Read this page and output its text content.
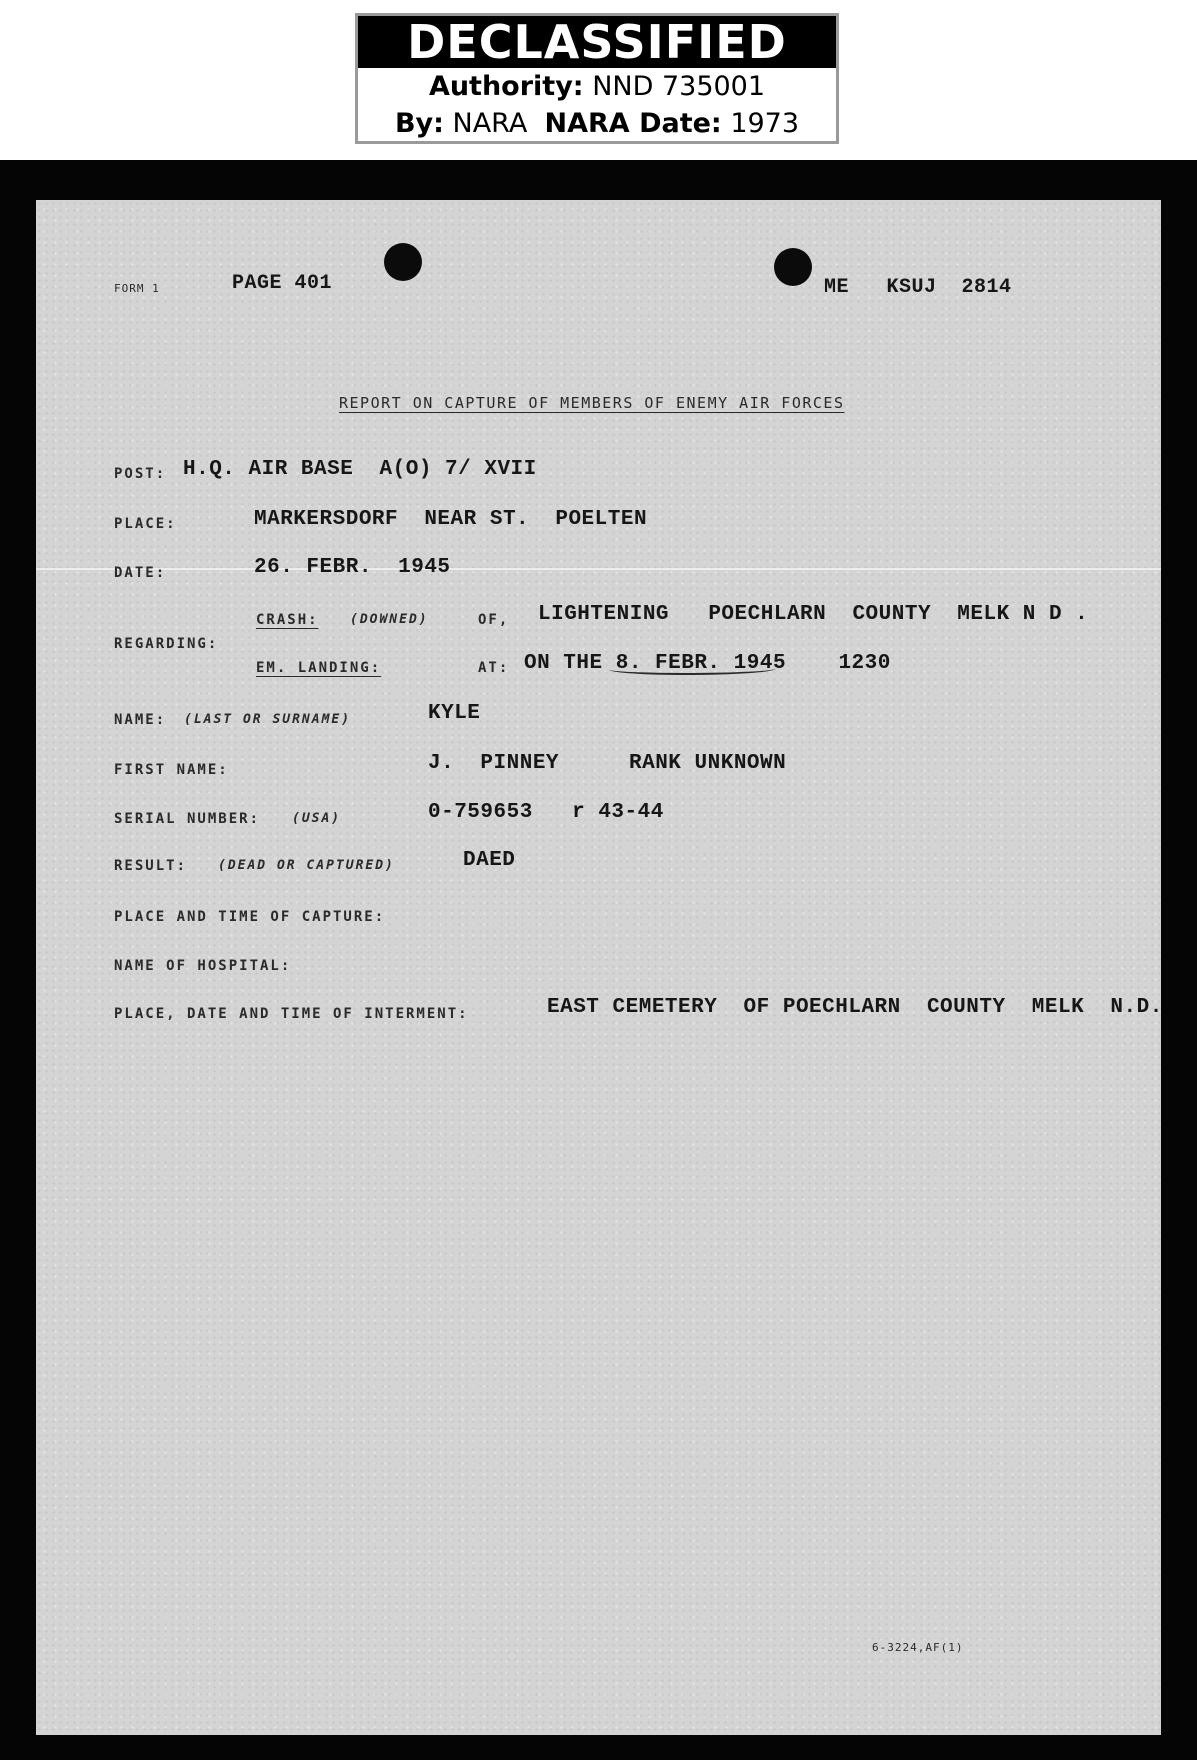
DECLASSIFIED
Authority: NND 735001
By: NARA NARA Date: 1973
FORM 1	PAGE 401	ME   KSUJ  2814
REPORT ON CAPTURE OF MEMBERS OF ENEMY AIR FORCES
POST: H.Q. AIR BASE  A(O) 7/ XVII
PLACE:	MARKERSDORF  NEAR ST.  POELTEN
DATE:	26. FEBR.  1945
REGARDING:
CRASH: (DOWNED)	OF, LIGHTENING   POECHLARN  COUNTY  MELK N D .
EM. LANDING:	AT: ON THE 8. FEBR. 1945    1230
NAME: (LAST OR SURNAME)	KYLE
FIRST NAME:	J.  PINNEY	RANK UNKNOWN
SERIAL NUMBER: (USA)	0-759653   r 43-44
RESULT: (DEAD OR CAPTURED)	DAED
PLACE AND TIME OF CAPTURE:
NAME OF HOSPITAL:
PLACE, DATE AND TIME OF INTERMENT:	EAST CEMETERY  OF POECHLARN  COUNTY  MELK  N.D.
6-3224,AF(1)
